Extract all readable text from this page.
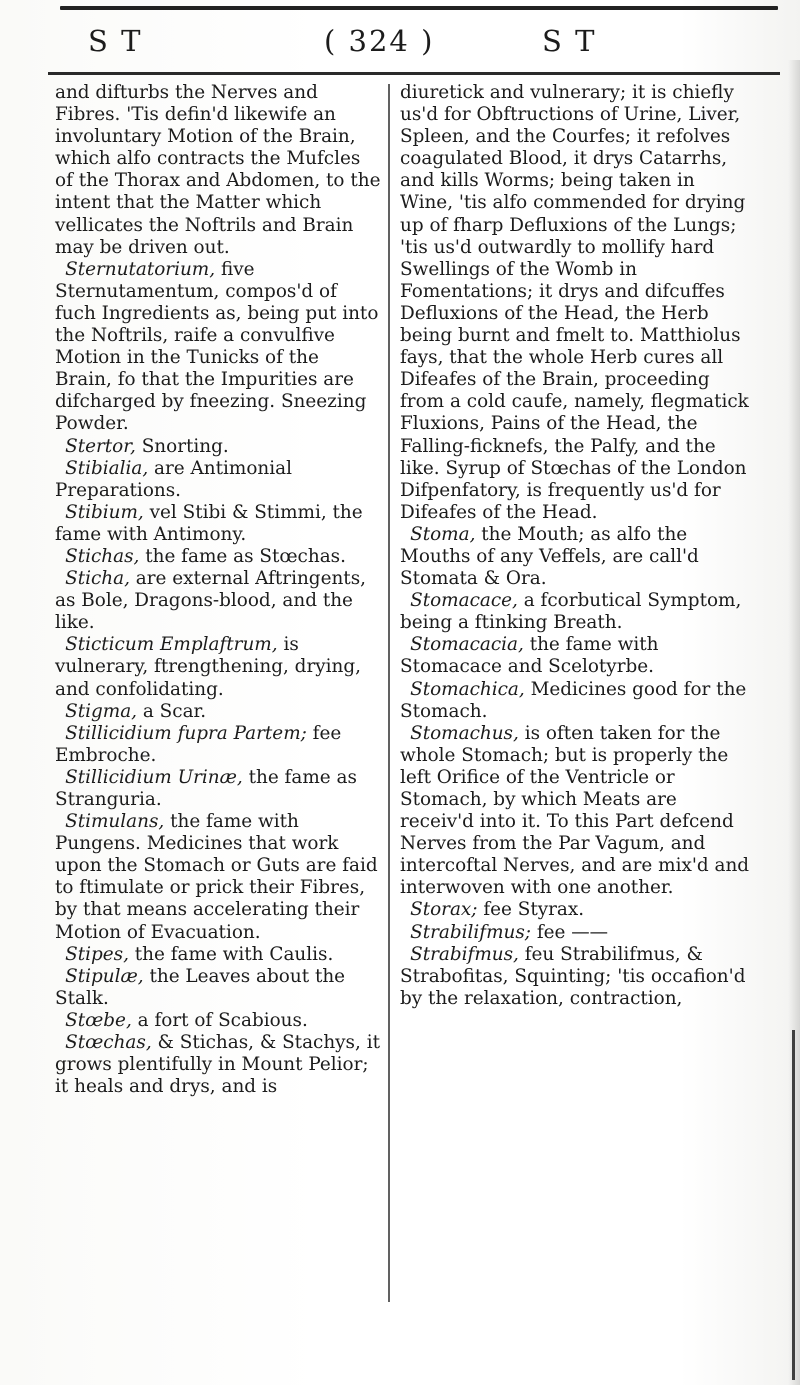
S T	( 324 )	S T

and difturbs the Nerves and Fibres. 'Tis defin'd likewife an involuntary Motion of the Brain, which alfo contracts the Mufcles of the Thorax and Abdomen, to the intent that the Matter which vellicates the Noftrils and Brain may be driven out.

Sternutatorium, five Sternutamentum, compos'd of fuch Ingredients as, being put into the Noftrils, raife a convulfive Motion in the Tunicks of the Brain, fo that the Impurities are difcharged by fneezing. Sneezing Powder.

Stertor, Snorting.

Stibialia, are Antimonial Preparations.

Stibium, vel Stibi & Stimmi, the fame with Antimony.

Stichas, the fame as Stœchas.

Sticha, are external Aftringents, as Bole, Dragons-blood, and the like.

Sticticum Emplaftrum, is vulnerary, ftrengthening, drying, and confolidating.

Stigma, a Scar.

Stillicidium fupra Partem; fee Embroche.

Stillicidium Urinæ, the fame as Stranguria.

Stimulans, the fame with Pungens. Medicines that work upon the Stomach or Guts are faid to ftimulate or prick their Fibres, by that means accelerating their Motion of Evacuation.

Stipes, the fame with Caulis.

Stipulæ, the Leaves about the Stalk.

Stœbe, a fort of Scabious.

Stœchas, & Stichas, & Stachys, it grows plentifully in Mount Pelior; it heals and drys, and is

diuretick and vulnerary; it is chiefly us'd for Obftructions of Urine, Liver, Spleen, and the Courfes; it refolves coagulated Blood, it drys Catarrhs, and kills Worms; being taken in Wine, 'tis alfo commended for drying up of fharp Defluxions of the Lungs; 'tis us'd outwardly to mollify hard Swellings of the Womb in Fomentations; it drys and difcuffes Defluxions of the Head, the Herb being burnt and fmelt to. Matthiolus fays, that the whole Herb cures all Difeafes of the Brain, proceeding from a cold caufe, namely, flegmatick Fluxions, Pains of the Head, the Falling-ficknefs, the Palfy, and the like. Syrup of Stœchas of the London Difpenfatory, is frequently us'd for Difeafes of the Head.

Stoma, the Mouth; as alfo the Mouths of any Veffels, are call'd Stomata & Ora.

Stomacace, a fcorbutical Symptom, being a ftinking Breath.

Stomacacia, the fame with Stomacace and Scelotyrbe.

Stomachica, Medicines good for the Stomach.

Stomachus, is often taken for the whole Stomach; but is properly the left Orifice of the Ventricle or Stomach, by which Meats are receiv'd into it. To this Part defcend Nerves from the Par Vagum, and intercoftal Nerves, and are mix'd and interwoven with one another.

Storax; fee Styrax.

Strabilifmus; fee ——

Strabifmus, feu Strabilifmus, & Strabofitas, Squinting; 'tis occafion'd by the relaxation, contraction,
